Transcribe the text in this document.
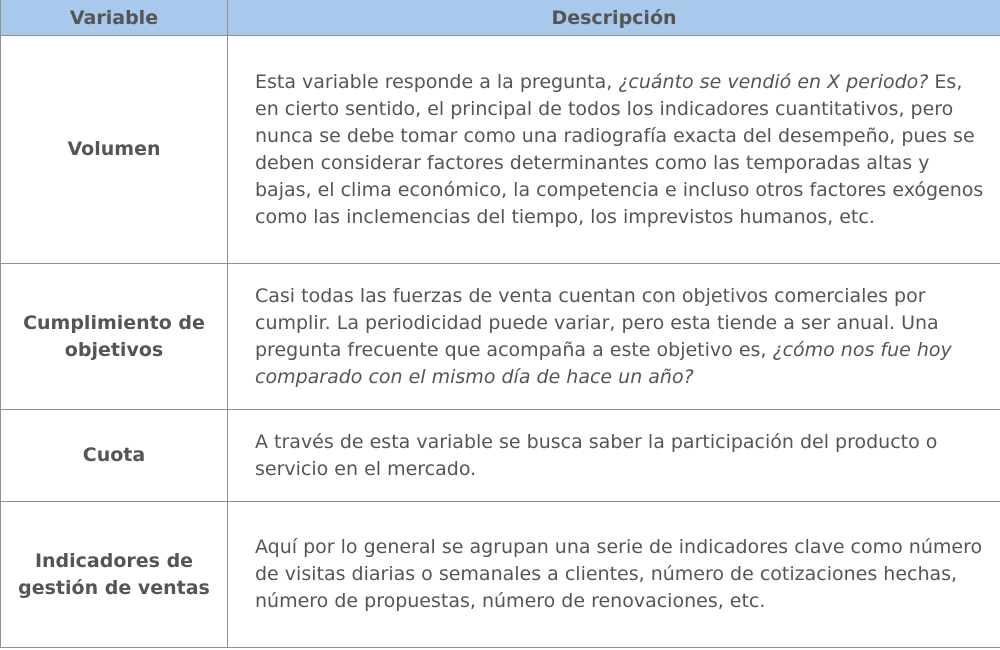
Variable	Descripción
Volumen	Esta variable responde a la pregunta, ¿cuánto se vendió en X periodo? Es, en cierto sentido, el principal de todos los indicadores cuantitativos, pero nunca se debe tomar como una radiografía exacta del desempeño, pues se deben considerar factores determinantes como las temporadas altas y bajas, el clima económico, la competencia e incluso otros factores exógenos como las inclemencias del tiempo, los imprevistos humanos, etc.
Cumplimiento de objetivos	Casi todas las fuerzas de venta cuentan con objetivos comerciales por cumplir. La periodicidad puede variar, pero esta tiende a ser anual. Una pregunta frecuente que acompaña a este objetivo es, ¿cómo nos fue hoy comparado con el mismo día de hace un año?
Cuota	A través de esta variable se busca saber la participación del producto o servicio en el mercado.
Indicadores de gestión de ventas	Aquí por lo general se agrupan una serie de indicadores clave como número de visitas diarias o semanales a clientes, número de cotizaciones hechas, número de propuestas, número de renovaciones, etc.
